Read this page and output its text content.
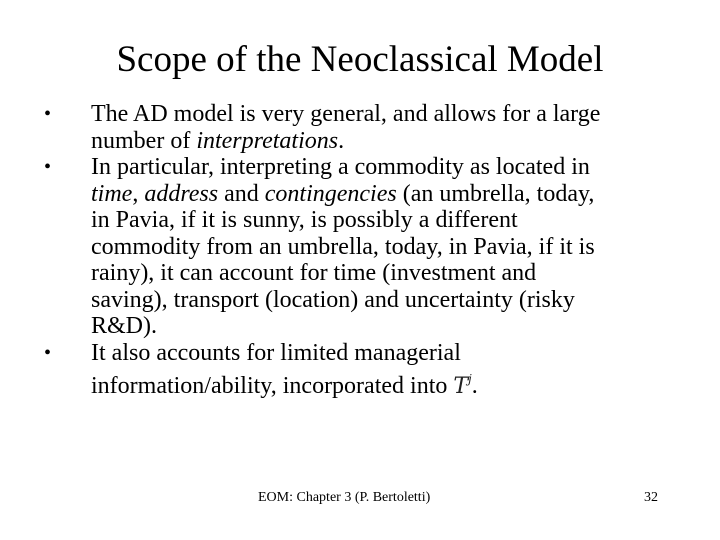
Scope of the Neoclassical Model
• The AD model is very general, and allows for a large
number of interpretations.
• In particular, interpreting a commodity as located in
time, address and contingencies (an umbrella, today,
in Pavia, if it is sunny, is possibly a different
commodity from an umbrella, today, in Pavia, if it is
rainy), it can account for time (investment and
saving), transport (location) and uncertainty (risky
R&D).
• It also accounts for limited managerial
information/ability, incorporated into $T^j$.
EOM: Chapter 3 (P. Bertoletti)	32
